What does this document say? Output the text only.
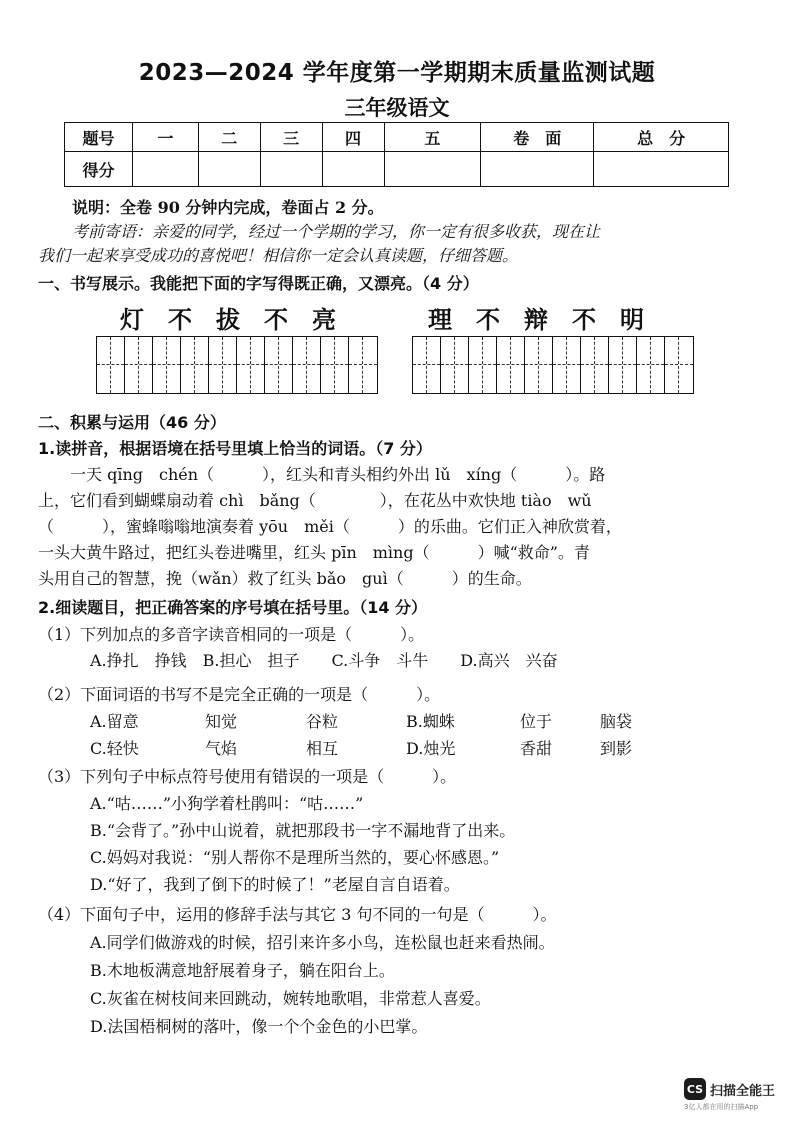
2023—2024 学年度第一学期期末质量监测试题
三年级语文
题号	一	二	三	四	五	卷　面	总　分
得分							
说明：全卷 90 分钟内完成，卷面占 2 分。
考前寄语：亲爱的同学，经过一个学期的学习，你一定有很多收获，现在让
我们一起来享受成功的喜悦吧！相信你一定会认真读题，仔细答题。
一、书写展示。我能把下面的字写得既正确，又漂亮。（4 分）
灯　不　拔　不　亮	理　不　辩　不　明
二、积累与运用（46 分）
1.读拼音，根据语境在括号里填上恰当的词语。（7 分）
　　一天 qīng　chén（　　　），红头和青头相约外出 lǔ　xíng（　　　）。路
上，它们看到蝴蝶扇动着 chì　bǎng（　　　　），在花丛中欢快地 tiào　wǔ
（　　　），蜜蜂嗡嗡地演奏着 yōu　měi（　　　）的乐曲。它们正入神欣赏着，
一头大黄牛路过，把红头卷进嘴里，红头 pīn　mìng（　　　）喊“救命”。青
头用自己的智慧，挽（wǎn）救了红头 bǎo　guì（　　　）的生命。
2.细读题目，把正确答案的序号填在括号里。（14 分）
（1）下列加点的多音字读音相同的一项是（　　　）。
A.挣扎　挣钱　B.担心　担子　　C.斗争　斗牛　　D.高兴　兴奋
（2）下面词语的书写不是完全正确的一项是（　　　）。
A.留意	知觉	谷粒	B.蜘蛛	位于	脑袋
C.轻快	气焰	相互	D.烛光	香甜	到影
（3）下列句子中标点符号使用有错误的一项是（　　　）。
A.“咕……”小狗学着杜鹃叫：“咕……”
B.“会背了。”孙中山说着，就把那段书一字不漏地背了出来。
C.妈妈对我说：“别人帮你不是理所当然的，要心怀感恩。”
D.“好了，我到了倒下的时候了！”老屋自言自语着。
（4）下面句子中，运用的修辞手法与其它 3 句不同的一句是（　　　）。
A.同学们做游戏的时候，招引来许多小鸟，连松鼠也赶来看热闹。
B.木地板满意地舒展着身子，躺在阳台上。
C.灰雀在树枝间来回跳动，婉转地歌唱，非常惹人喜爱。
D.法国梧桐树的落叶，像一个个金色的小巴掌。
CS 扫描全能王
3亿人都在用的扫描App
